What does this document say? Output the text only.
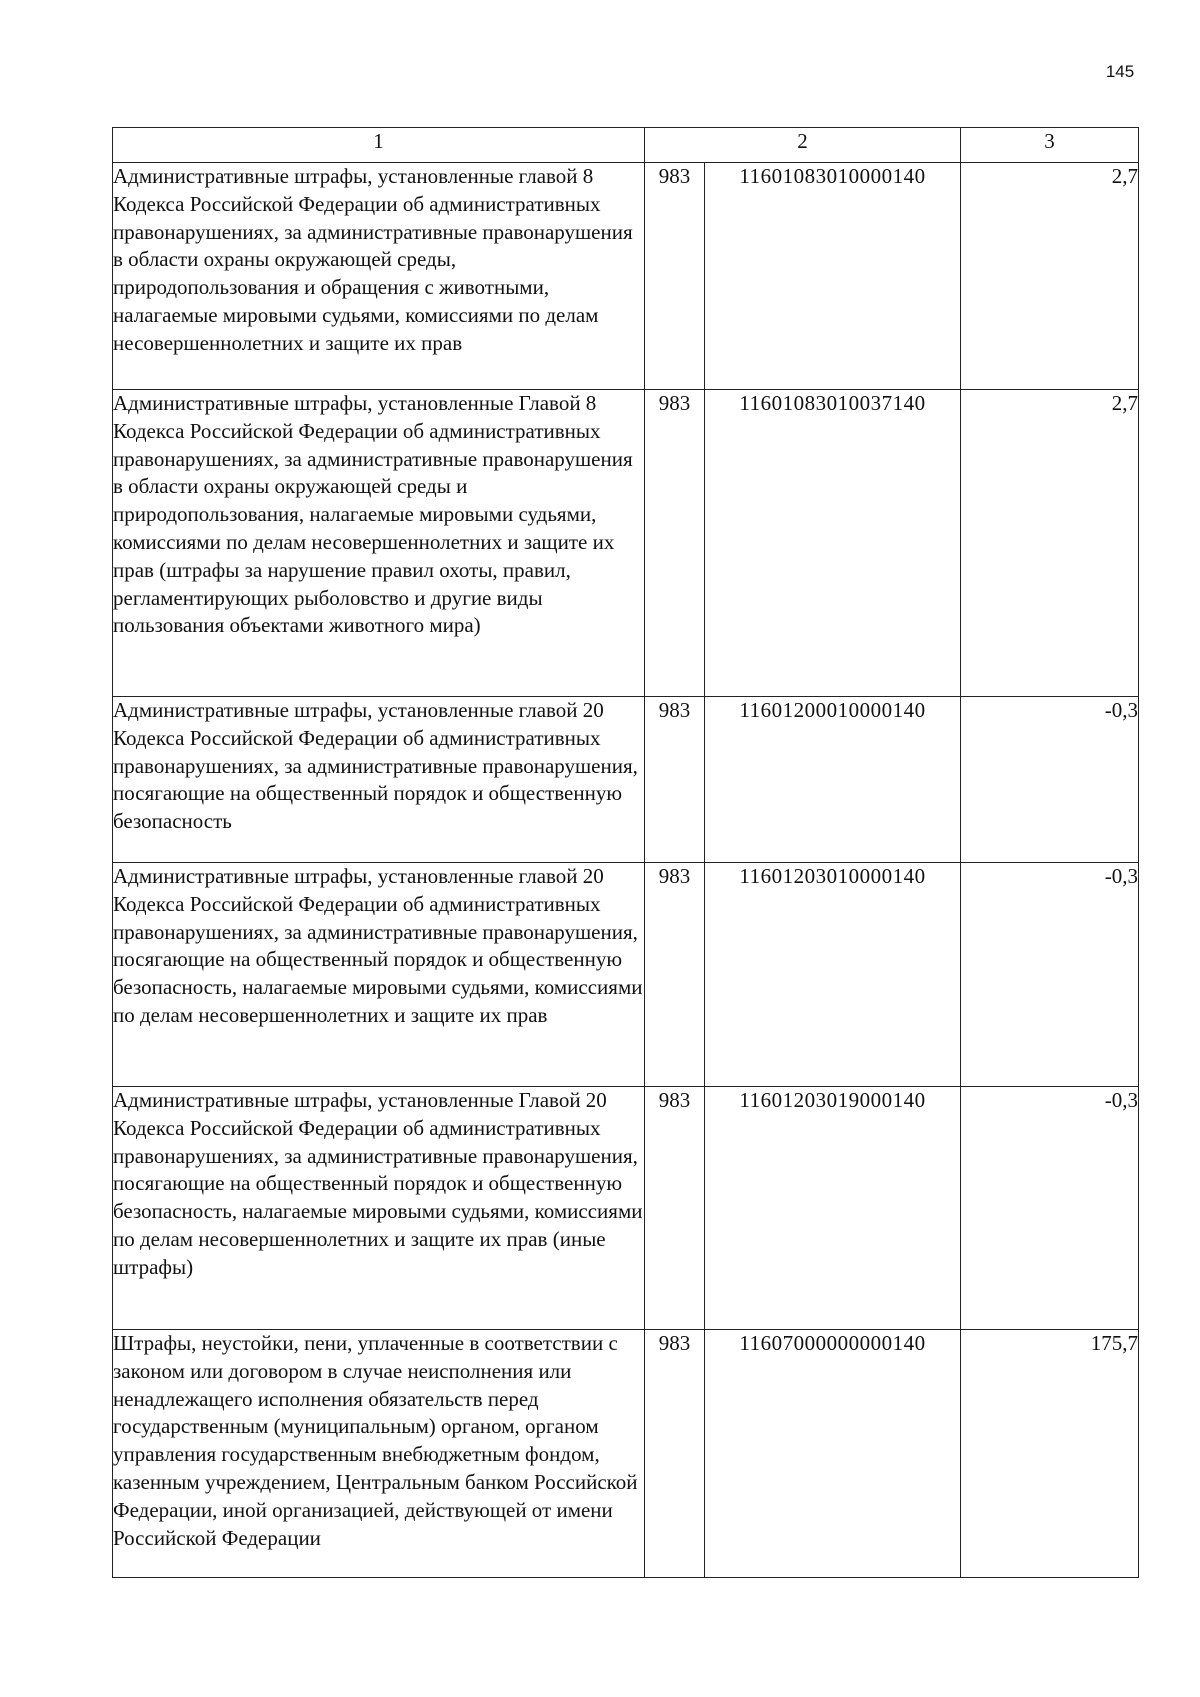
145
1	2		3
Административные штрафы, установленные главой 8 Кодекса Российской Федерации об административных правонарушениях, за административные правонарушения в области охраны окружающей среды, природопользования и обращения с животными, налагаемые мировыми судьями, комиссиями по делам несовершеннолетних и защите их прав	983	11601083010000140	2,7
Административные штрафы, установленные Главой 8 Кодекса Российской Федерации об административных правонарушениях, за административные правонарушения в области охраны окружающей среды и природопользования, налагаемые мировыми судьями, комиссиями по делам несовершеннолетних и защите их прав (штрафы за нарушение правил охоты, правил, регламентирующих рыболовство и другие виды пользования объектами животного мира)	983	11601083010037140	2,7
Административные штрафы, установленные главой 20 Кодекса Российской Федерации об административных правонарушениях, за административные правонарушения, посягающие на общественный порядок и общественную безопасность	983	11601200010000140	-0,3
Административные штрафы, установленные главой 20 Кодекса Российской Федерации об административных правонарушениях, за административные правонарушения, посягающие на общественный порядок и общественную безопасность, налагаемые мировыми судьями, комиссиями по делам несовершеннолетних и защите их прав	983	11601203010000140	-0,3
Административные штрафы, установленные Главой 20 Кодекса Российской Федерации об административных правонарушениях, за административные правонарушения, посягающие на общественный порядок и общественную безопасность, налагаемые мировыми судьями, комиссиями по делам несовершеннолетних и защите их прав (иные штрафы)	983	11601203019000140	-0,3
Штрафы, неустойки, пени, уплаченные в соответствии с законом или договором в случае неисполнения или ненадлежащего исполнения обязательств перед государственным (муниципальным) органом, органом управления государственным внебюджетным фондом, казенным учреждением, Центральным банком Российской Федерации, иной организацией, действующей от имени Российской Федерации	983	11607000000000140	175,7
